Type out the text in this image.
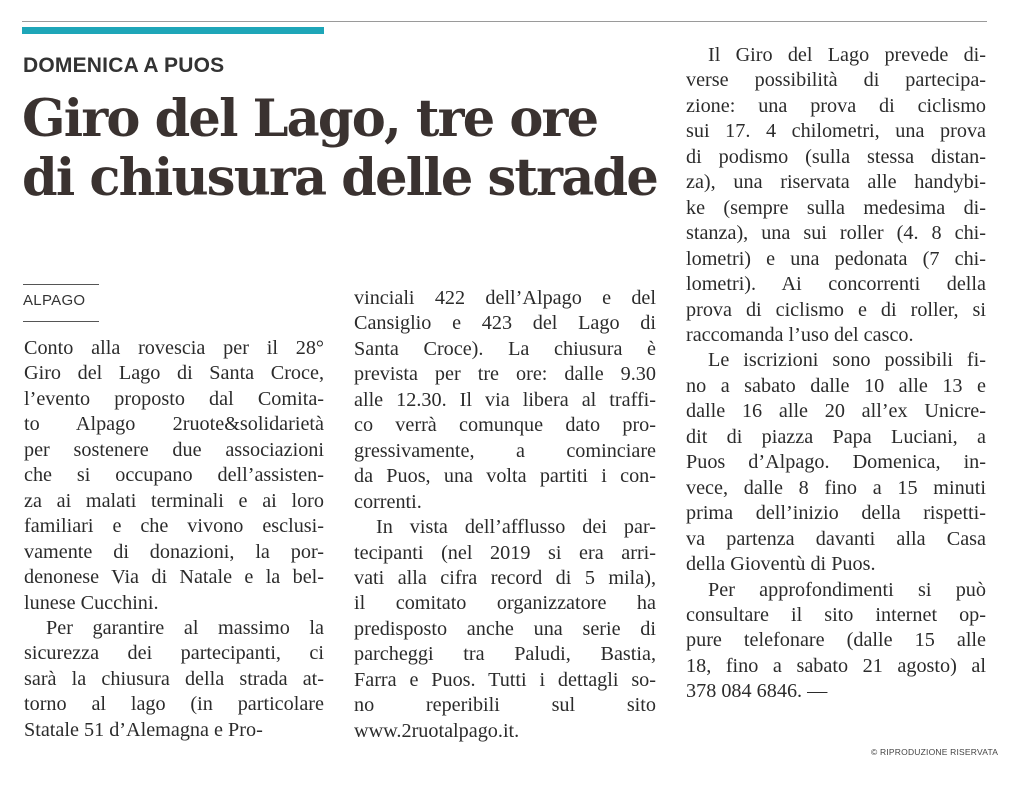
DOMENICA A PUOS
Giro del Lago, tre ore
di chiusura delle strade
ALPAGO
Conto alla rovescia per il 28°
Giro del Lago di Santa Croce,
l’evento proposto dal Comita-
to Alpago 2ruote&solidarietà
per sostenere due associazioni
che si occupano dell’assisten-
za ai malati terminali e ai loro
familiari e che vivono esclusi-
vamente di donazioni, la por-
denonese Via di Natale e la bel-
lunese Cucchini.
Per garantire al massimo la
sicurezza dei partecipanti, ci
sarà la chiusura della strada at-
torno al lago (in particolare
Statale 51 d’Alemagna e Pro-
vinciali 422 dell’Alpago e del
Cansiglio e 423 del Lago di
Santa Croce). La chiusura è
prevista per tre ore: dalle 9.30
alle 12.30. Il via libera al traffi-
co verrà comunque dato pro-
gressivamente, a cominciare
da Puos, una volta partiti i con-
correnti.
In vista dell’afflusso dei par-
tecipanti (nel 2019 si era arri-
vati alla cifra record di 5 mila),
il comitato organizzatore ha
predisposto anche una serie di
parcheggi tra Paludi, Bastia,
Farra e Puos. Tutti i dettagli so-
no reperibili sul sito
www.2ruotalpago.it.
Il Giro del Lago prevede di-
verse possibilità di partecipa-
zione: una prova di ciclismo
sui 17. 4 chilometri, una prova
di podismo (sulla stessa distan-
za), una riservata alle handybi-
ke (sempre sulla medesima di-
stanza), una sui roller (4. 8 chi-
lometri) e una pedonata (7 chi-
lometri). Ai concorrenti della
prova di ciclismo e di roller, si
raccomanda l’uso del casco.
Le iscrizioni sono possibili fi-
no a sabato dalle 10 alle 13 e
dalle 16 alle 20 all’ex Unicre-
dit di piazza Papa Luciani, a
Puos d’Alpago. Domenica, in-
vece, dalle 8 fino a 15 minuti
prima dell’inizio della rispetti-
va partenza davanti alla Casa
della Gioventù di Puos.
Per approfondimenti si può
consultare il sito internet op-
pure telefonare (dalle 15 alle
18, fino a sabato 21 agosto) al
378 084 6846. —
© RIPRODUZIONE RISERVATA
